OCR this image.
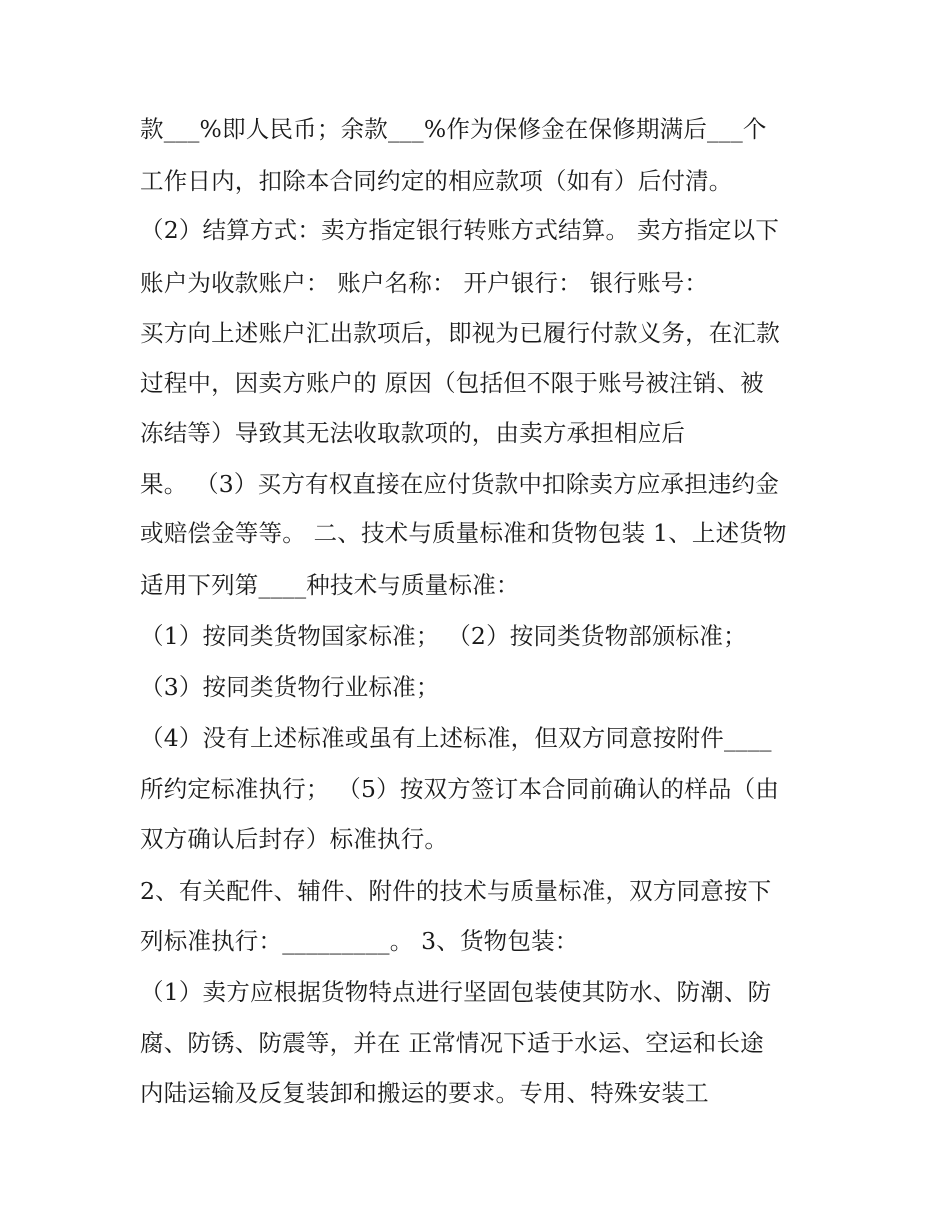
款___%即人民币；余款___%作为保修金在保修期满后___个
工作日内，扣除本合同约定的相应款项（如有）后付清。
（2）结算方式：卖方指定银行转账方式结算。 卖方指定以下
账户为收款账户： 账户名称： 开户银行： 银行账号：
买方向上述账户汇出款项后，即视为已履行付款义务，在汇款
过程中，因卖方账户的 原因（包括但不限于账号被注销、被
冻结等）导致其无法收取款项的，由卖方承担相应后
果。 （3）买方有权直接在应付货款中扣除卖方应承担违约金
或赔偿金等等。 二、技术与质量标准和货物包装 1、上述货物
适用下列第____种技术与质量标准：
（1）按同类货物国家标准； （2）按同类货物部颁标准；
（3）按同类货物行业标准；
（4）没有上述标准或虽有上述标准，但双方同意按附件____
所约定标准执行； （5）按双方签订本合同前确认的样品（由
双方确认后封存）标准执行。
2、有关配件、辅件、附件的技术与质量标准，双方同意按下
列标准执行：_________。 3、货物包装：
（1）卖方应根据货物特点进行坚固包装使其防水、防潮、防
腐、防锈、防震等，并在 正常情况下适于水运、空运和长途
内陆运输及反复装卸和搬运的要求。专用、特殊安装工
